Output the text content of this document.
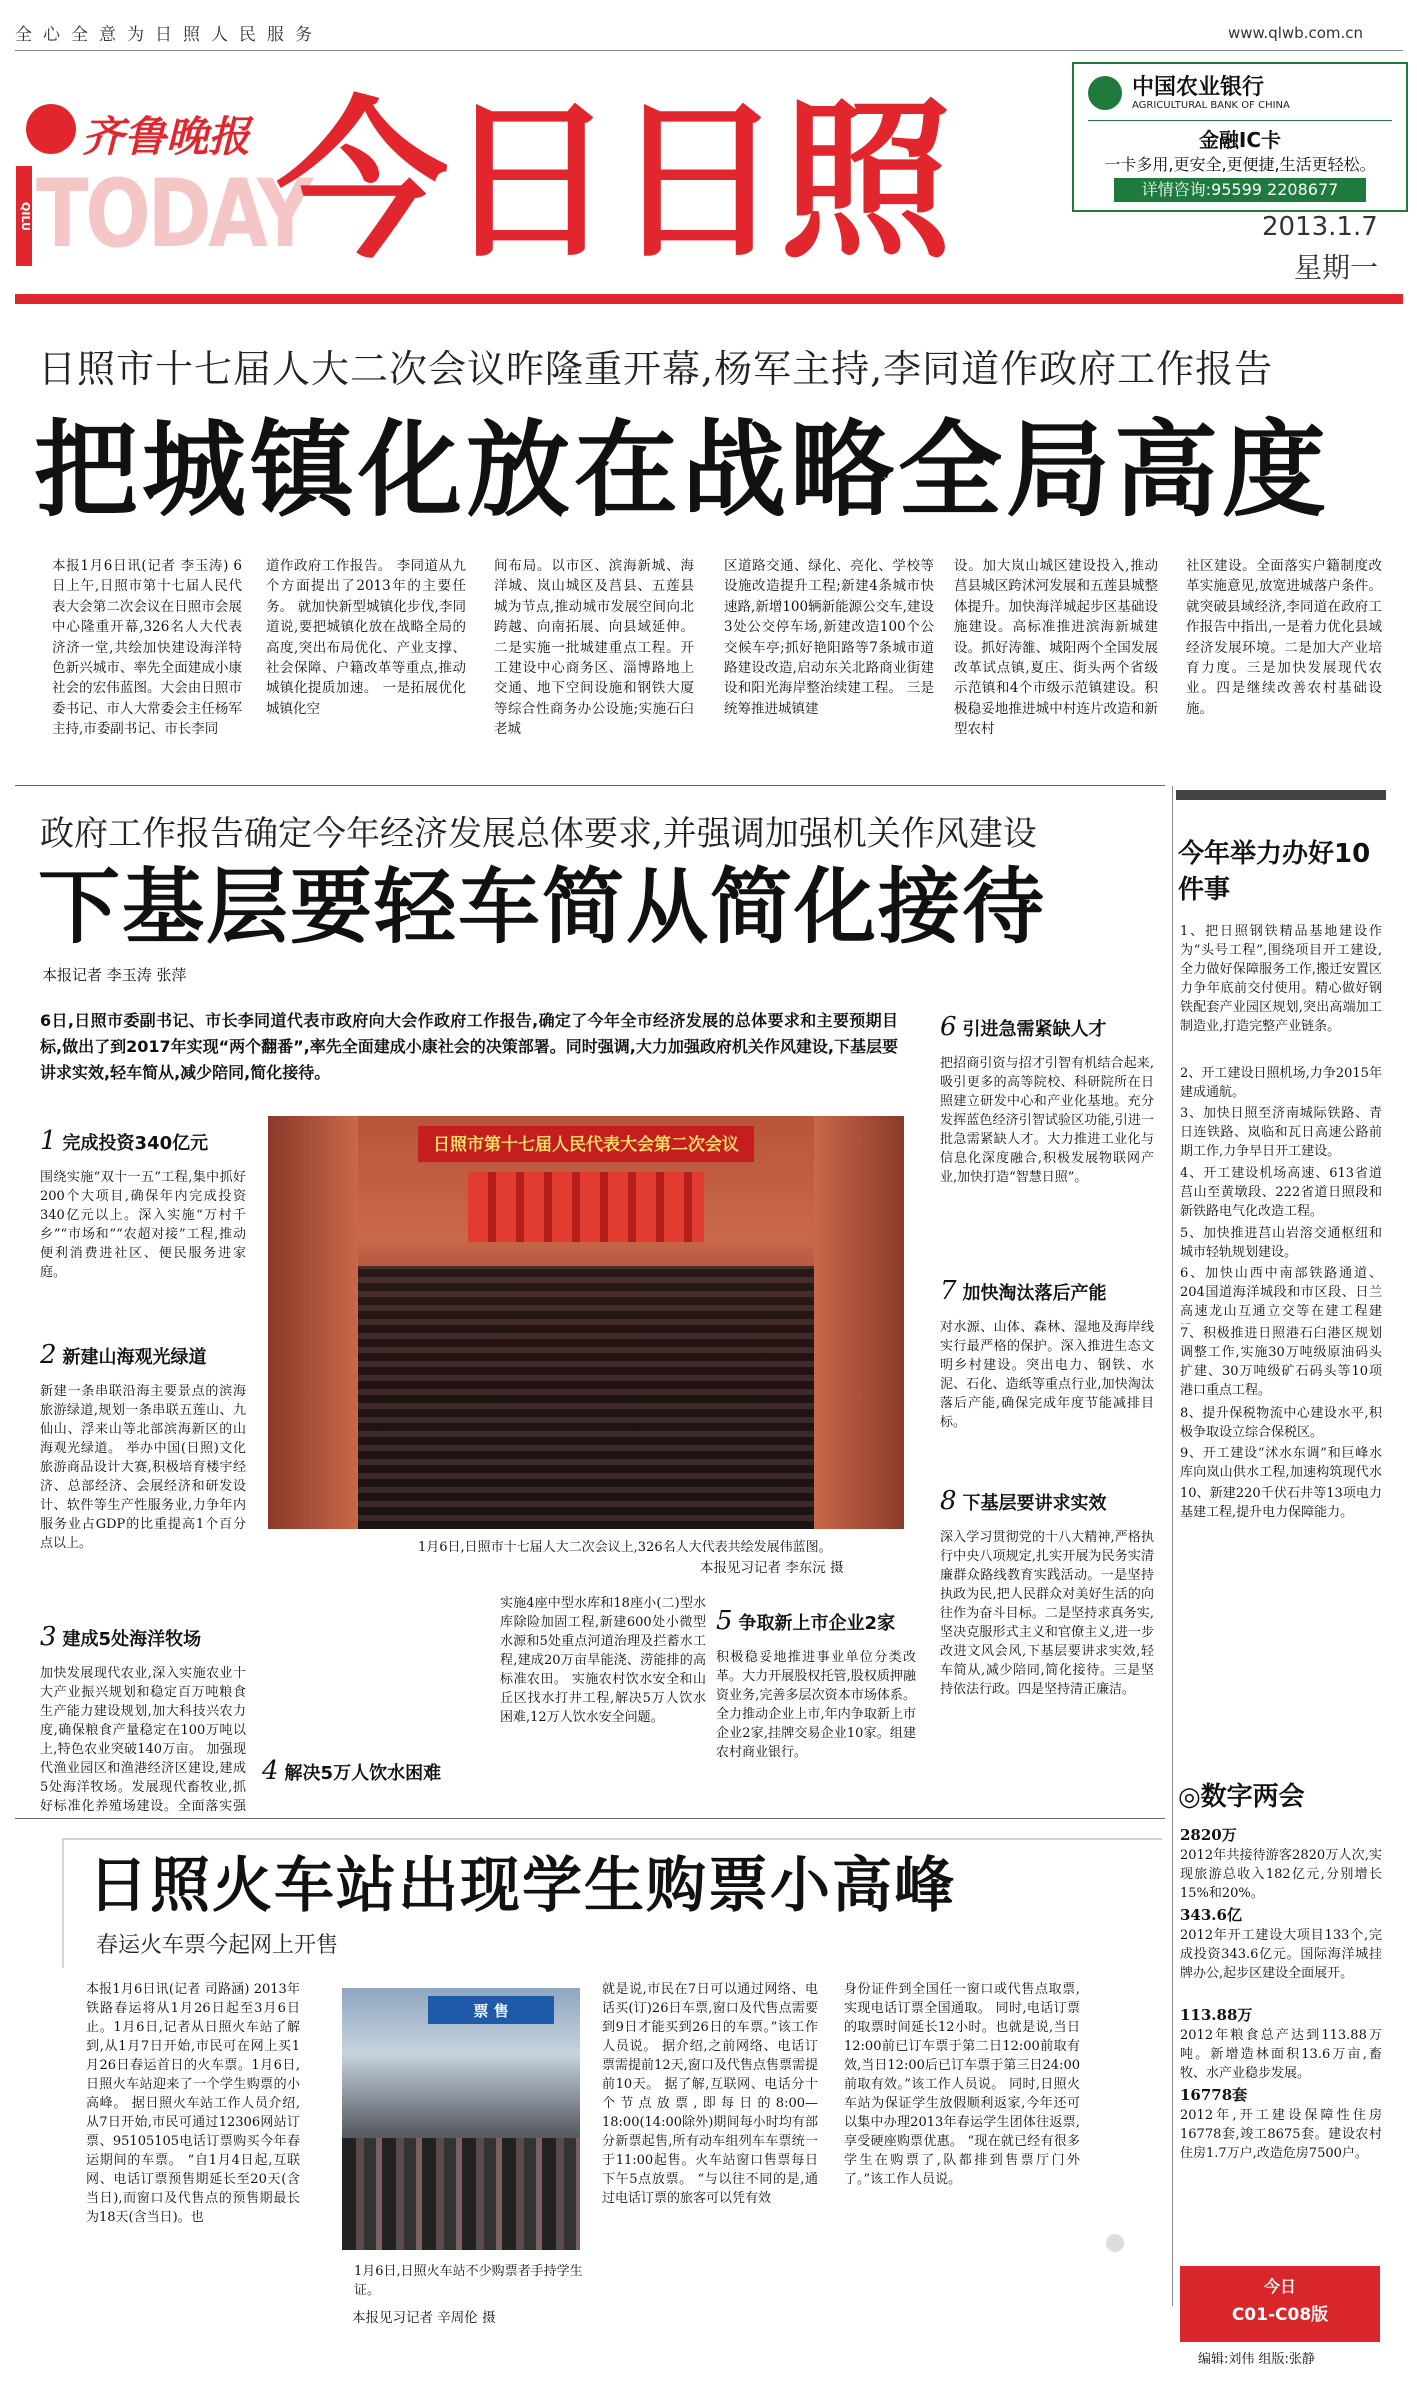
全心全意为日照人民服务	www.qlwb.com.cn
齐鲁晚报
QILU TODAY
今日日照	中国农业银行
AGRICULTURAL BANK OF CHINA
金融IC卡
一卡多用,更安全,更便捷,生活更轻松。
详情咨询:95599 2208677
2013.1.7
星期一
日照市十七届人大二次会议昨隆重开幕,杨军主持,李同道作政府工作报告
把城镇化放在战略全局高度
本报1月6日讯(记者 李玉涛) 6日上午,日照市第十七届人民代表大会第二次会议在日照市会展中心隆重开幕,326名人大代表济济一堂,共绘加快建设海洋特色新兴城市、率先全面建成小康社会的宏伟蓝图。大会由日照市委书记、市人大常委会主任杨军主持,市委副书记、市长李同
道作政府工作报告。 李同道从九个方面提出了2013年的主要任务。 就加快新型城镇化步伐,李同道说,要把城镇化放在战略全局的高度,突出布局优化、产业支撑、社会保障、户籍改革等重点,推动城镇化提质加速。 一是拓展优化城镇化空
间布局。以市区、滨海新城、海洋城、岚山城区及莒县、五莲县城为节点,推动城市发展空间向北跨越、向南拓展、向县域延伸。 二是实施一批城建重点工程。开工建设中心商务区、淄博路地上交通、地下空间设施和钢铁大厦等综合性商务办公设施;实施石臼老城
区道路交通、绿化、亮化、学校等设施改造提升工程;新建4条城市快速路,新增100辆新能源公交车,建设3处公交停车场,新建改造100个公交候车亭;抓好艳阳路等7条城市道路建设改造,启动东关北路商业街建设和阳光海岸整治续建工程。 三是统筹推进城镇建
设。加大岚山城区建设投入,推动莒县城区跨沭河发展和五莲县城整体提升。加快海洋城起步区基础设施建设。高标准推进滨海新城建设。抓好涛雒、城阳两个全国发展改革试点镇,夏庄、街头两个省级示范镇和4个市级示范镇建设。积极稳妥地推进城中村连片改造和新型农村
社区建设。全面落实户籍制度改革实施意见,放宽进城落户条件。 就突破县域经济,李同道在政府工作报告中指出,一是着力优化县域经济发展环境。二是加大产业培育力度。三是加快发展现代农业。四是继续改善农村基础设施。
政府工作报告确定今年经济发展总体要求,并强调加强机关作风建设
下基层要轻车简从简化接待
本报记者 李玉涛 张萍
6日,日照市委副书记、市长李同道代表市政府向大会作政府工作报告,确定了今年全市经济发展的总体要求和主要预期目标,做出了到2017年实现“两个翻番”,率先全面建成小康社会的决策部署。同时强调,大力加强政府机关作风建设,下基层要讲求实效,轻车简从,减少陪同,简化接待。
日照市第十七届人民代表大会第二次会议
1月6日,日照市十七届人大二次会议上,326名人大代表共绘发展伟蓝图。
本报见习记者 李东沅 摄
1 完成投资340亿元
围绕实施“双十一五”工程,集中抓好200个大项目,确保年内完成投资340亿元以上。深入实施“万村千乡”“市场和”“农超对接”工程,推动便利消费进社区、便民服务进家庭。
2 新建山海观光绿道
新建一条串联沿海主要景点的滨海旅游绿道,规划一条串联五莲山、九仙山、浮来山等北部滨海新区的山海观光绿道。 举办中国(日照)文化旅游商品设计大赛,积极培育楼宇经济、总部经济、会展经济和研发设计、软件等生产性服务业,力争年内服务业占GDP的比重提高1个百分点以上。
3 建成5处海洋牧场
加快发展现代农业,深入实施农业十大产业振兴规划和稳定百万吨粮食生产能力建设规划,加大科技兴农力度,确保粮食产量稳定在100万吨以上,特色农业突破140万亩。 加强现代渔业园区和渔港经济区建设,建成5处海洋牧场。发展现代畜牧业,抓好标准化养殖场建设。全面落实强
实施4座中型水库和18座小(二)型水库除险加固工程,新建600处小微型水源和5处重点河道治理及拦蓄水工程,建成20万亩旱能浇、涝能排的高标准农田。 实施农村饮水安全和山丘区找水打井工程,解决5万人饮水困难,12万人饮水安全问题。
4 解决5万人饮水困难
5 争取新上市企业2家
积极稳妥地推进事业单位分类改革。大力开展股权托管,股权质押融资业务,完善多层次资本市场体系。全力推动企业上市,年内争取新上市企业2家,挂牌交易企业10家。组建农村商业银行。
6 引进急需紧缺人才
把招商引资与招才引智有机结合起来,吸引更多的高等院校、科研院所在日照建立研发中心和产业化基地。充分发挥蓝色经济引智试验区功能,引进一批急需紧缺人才。大力推进工业化与信息化深度融合,积极发展物联网产业,加快打造“智慧日照”。
7 加快淘汰落后产能
对水源、山体、森林、湿地及海岸线实行最严格的保护。深入推进生态文明乡村建设。突出电力、钢铁、水泥、石化、造纸等重点行业,加快淘汰落后产能,确保完成年度节能减排目标。
8 下基层要讲求实效
深入学习贯彻党的十八大精神,严格执行中央八项规定,扎实开展为民务实清廉群众路线教育实践活动。一是坚持执政为民,把人民群众对美好生活的向往作为奋斗目标。二是坚持求真务实,坚决克服形式主义和官僚主义,进一步改进文风会风,下基层要讲求实效,轻车简从,减少陪同,简化接待。三是坚持依法行政。四是坚持清正廉洁。
今年举力办好10件事
1、把日照钢铁精品基地建设作为“头号工程”,围绕项目开工建设,全力做好保障服务工作,搬迁安置区力争年底前交付使用。精心做好钢铁配套产业园区规划,突出高端加工制造业,打造完整产业链条。
2、开工建设日照机场,力争2015年建成通航。
3、加快日照至济南城际铁路、青日连铁路、岚临和瓦日高速公路前期工作,力争早日开工建设。
4、开工建设机场高速、613省道莒山至黄墩段、222省道日照段和新铁路电气化改造工程。
5、加快推进莒山岩溶交通枢纽和城市轻轨规划建设。
6、加快山西中南部铁路通道、204国道海洋城段和市区段、日兰高速龙山互通立交等在建工程建
7、积极推进日照港石臼港区规划调整工作,实施30万吨级原油码头扩建、30万吨级矿石码头等10项港口重点工程。
8、提升保税物流中心建设水平,积极争取设立综合保税区。
9、开工建设“沭水东调”和巨峰水库向岚山供水工程,加速构筑现代水
10、新建220千伏石井等13项电力基建工程,提升电力保障能力。
◎数字两会
2820万
2012年共接待游客2820万人次,实现旅游总收入182亿元,分别增长15%和20%。
343.6亿
2012年开工建设大项目133个,完成投资343.6亿元。国际海洋城挂牌办公,起步区建设全面展开。
113.88万
2012年粮食总产达到113.88万吨。新增造林面积13.6万亩,畜牧、水产业稳步发展。
16778套
2012年,开工建设保障性住房16778套,竣工8675套。建设农村住房1.7万户,改造危房7500户。
今日
C01-C08版
编辑:刘伟 组版:张静
日照火车站出现学生购票小高峰
春运火车票今起网上开售
本报1月6日讯(记者 司路涵) 2013年铁路春运将从1月26日起至3月6日止。1月6日,记者从日照火车站了解到,从1月7日开始,市民可在网上买1月26日春运首日的火车票。1月6日,日照火车站迎来了一个学生购票的小高峰。 据日照火车站工作人员介绍,从7日开始,市民可通过12306网站订票、95105105电话订票购买今年春运期间的车票。 “自1月4日起,互联网、电话订票预售期延长至20天(含当日),而窗口及代售点的预售期最长为18天(含当日)。也
票 售
1月6日,日照火车站不少购票者手持学生证。
本报见习记者 辛周伦 摄
就是说,市民在7日可以通过网络、电话买(订)26日车票,窗口及代售点需要到9日才能买到26日的车票。”该工作人员说。 据介绍,之前网络、电话订票需提前12天,窗口及代售点售票需提前10天。 据了解,互联网、电话分十个节点放票,即每日的8:00—18:00(14:00除外)期间每小时均有部分新票起售,所有动车组列车车票统一于11:00起售。火车站窗口售票每日下午5点放票。 “与以往不同的是,通过电话订票的旅客可以凭有效
身份证件到全国任一窗口或代售点取票,实现电话订票全国通取。 同时,电话订票的取票时间延长12小时。也就是说,当日12:00前已订车票于第二日12:00前取有效,当日12:00后已订车票于第三日24:00前取有效。”该工作人员说。 同时,日照火车站为保证学生放假顺利返家,今年还可以集中办理2013年春运学生团体往返票,享受硬座购票优惠。 “现在就已经有很多学生在购票了,队都排到售票厅门外了。”该工作人员说。
